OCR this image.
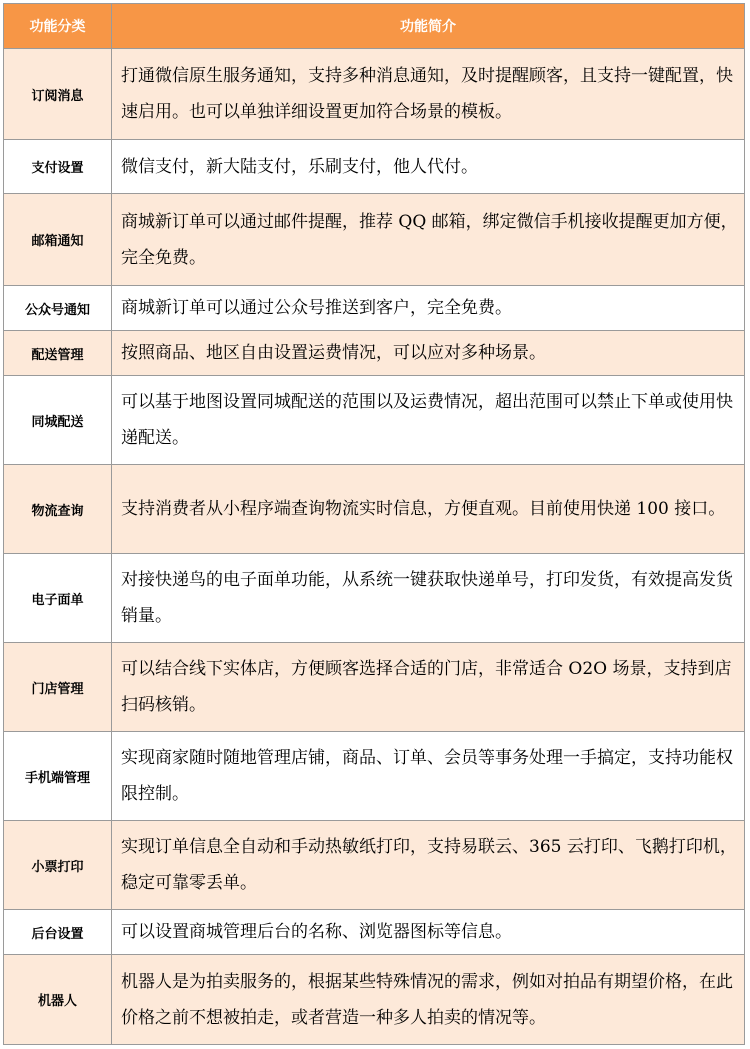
功能分类	功能简介
订阅消息	打通微信原生服务通知，支持多种消息通知，及时提醒顾客，且支持一键配置，快速启用。也可以单独详细设置更加符合场景的模板。
支付设置	微信支付，新大陆支付，乐刷支付，他人代付。
邮箱通知	商城新订单可以通过邮件提醒，推荐 QQ 邮箱，绑定微信手机接收提醒更加方便，完全免费。
公众号通知	商城新订单可以通过公众号推送到客户，完全免费。
配送管理	按照商品、地区自由设置运费情况，可以应对多种场景。
同城配送	可以基于地图设置同城配送的范围以及运费情况，超出范围可以禁止下单或使用快递配送。
物流查询	支持消费者从小程序端查询物流实时信息，方便直观。目前使用快递 100 接口。
电子面单	对接快递鸟的电子面单功能，从系统一键获取快递单号，打印发货，有效提高发货销量。
门店管理	可以结合线下实体店，方便顾客选择合适的门店，非常适合 O2O 场景，支持到店扫码核销。
手机端管理	实现商家随时随地管理店铺，商品、订单、会员等事务处理一手搞定，支持功能权限控制。
小票打印	实现订单信息全自动和手动热敏纸打印，支持易联云、365 云打印、飞鹅打印机，稳定可靠零丢单。
后台设置	可以设置商城管理后台的名称、浏览器图标等信息。
机器人	机器人是为拍卖服务的，根据某些特殊情况的需求，例如对拍品有期望价格，在此价格之前不想被拍走，或者营造一种多人拍卖的情况等。
